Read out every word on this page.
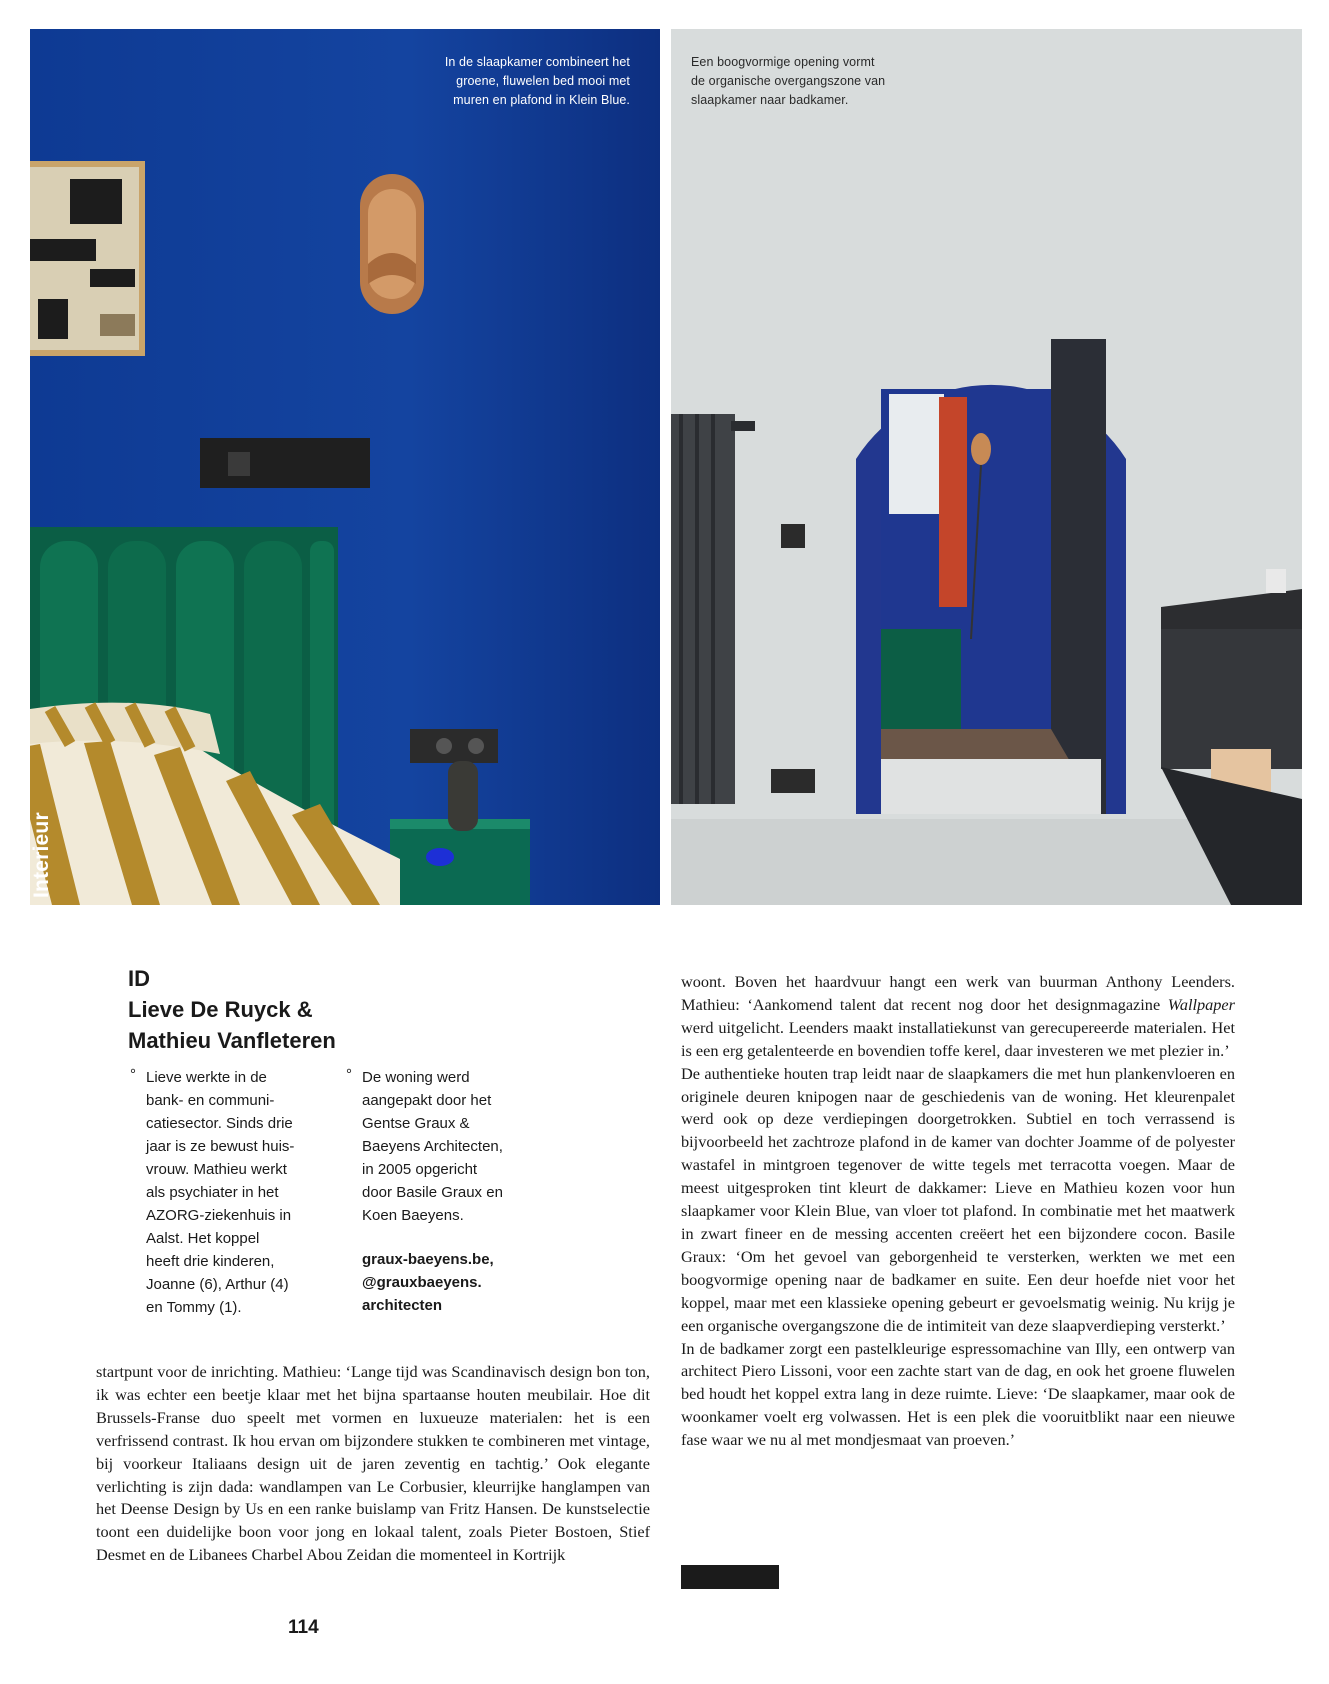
In de slaapkamer combineert het
groene, fluwelen bed mooi met
muren en plafond in Klein Blue.
Interieur
Een boogvormige opening vormt
de organische overgangszone van
slaapkamer naar badkamer.
ID
Lieve De Ruyck &
Mathieu Vanfleteren
° Lieve werkte in de
bank- en communi-
catiesector. Sinds drie
jaar is ze bewust huis-
vrouw. Mathieu werkt
als psychiater in het
AZORG-ziekenhuis in
Aalst. Het koppel
heeft drie kinderen,
Joanne (6), Arthur (4)
en Tommy (1).
° De woning werd
aangepakt door het
Gentse Graux &
Baeyens Architecten,
in 2005 opgericht
door Basile Graux en
Koen Baeyens.
graux-baeyens.be,
@grauxbaeyens.
architecten

startpunt voor de inrichting. Mathieu: ‘Lange tijd was Scandinavisch design bon ton, ik was echter een beetje klaar met het bijna spartaanse houten meubilair. Hoe dit Brussels-Franse duo speelt met vormen en luxueuze materialen: het is een verfrissend contrast. Ik hou ervan om bijzondere stukken te combineren met vintage, bij voorkeur Italiaans design uit de jaren zeventig en tachtig.’ Ook elegante verlichting is zijn dada: wandlampen van Le Corbusier, kleurrijke hanglampen van het Deense Design by Us en een ranke buislamp van Fritz Hansen. De kunstselectie toont een duidelijke boon voor jong en lokaal talent, zoals Pieter Bostoen, Stief Desmet en de Libanees Charbel Abou Zeidan die momenteel in Kortrijk

woont. Boven het haardvuur hangt een werk van buurman Anthony Leenders. Mathieu: ‘Aankomend talent dat recent nog door het designmagazine Wallpaper werd uitgelicht. Leenders maakt installatiekunst van gerecupereerde materialen. Het is een erg getalenteerde en bovendien toffe kerel, daar investeren we met plezier in.’

De authentieke houten trap leidt naar de slaapkamers die met hun plankenvloeren en originele deuren knipogen naar de geschiedenis van de woning. Het kleurenpalet werd ook op deze verdiepingen doorgetrokken. Subtiel en toch verrassend is bijvoorbeeld het zachtroze plafond in de kamer van dochter Joamme of de polyester wastafel in mintgroen tegenover de witte tegels met terracotta voegen. Maar de meest uitgesproken tint kleurt de dakkamer: Lieve en Mathieu kozen voor hun slaapkamer voor Klein Blue, van vloer tot plafond. In combinatie met het maatwerk in zwart fineer en de messing accenten creëert het een bijzondere cocon. Basile Graux: ‘Om het gevoel van geborgenheid te versterken, werkten we met een boogvormige opening naar de badkamer en suite. Een deur hoefde niet voor het koppel, maar met een klassieke opening gebeurt er gevoelsmatig weinig. Nu krijg je een organische overgangszone die de intimiteit van deze slaapverdieping versterkt.’

In de badkamer zorgt een pastelkleurige espressomachine van Illy, een ontwerp van architect Piero Lissoni, voor een zachte start van de dag, en ook het groene fluwelen bed houdt het koppel extra lang in deze ruimte. Lieve: ‘De slaapkamer, maar ook de woonkamer voelt erg volwassen. Het is een plek die vooruitblikt naar een nieuwe fase waar we nu al met mondjesmaat van proeven.’

114
